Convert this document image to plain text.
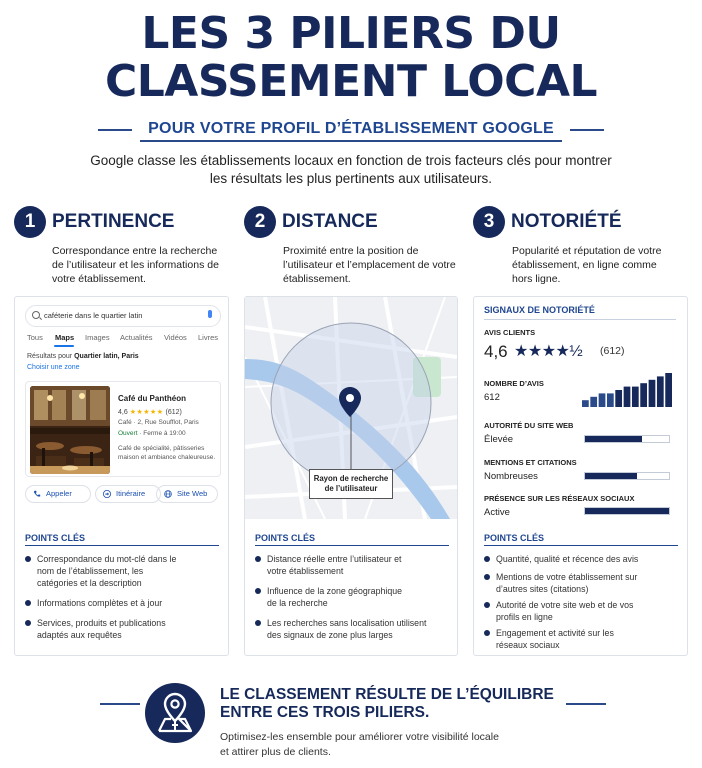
LES 3 PILIERS DU
CLASSEMENT LOCAL
POUR VOTRE PROFIL D’ÉTABLISSEMENT GOOGLE
Google classe les établissements locaux en fonction de trois facteurs clés pour montrer les résultats les plus pertinents aux utilisateurs.
1 PERTINENCE
Correspondance entre la recherche de l’utilisateur et les informations de votre établissement.
2 DISTANCE
Proximité entre la position de l’utilisateur et l’emplacement de votre établissement.
3 NOTORIÉTÉ
Popularité et réputation de votre établissement, en ligne comme hors ligne.
caféterie dans le quartier latin
Tous Maps Images Actualités Vidéos Livres
Résultats pour Quartier latin, Paris
Choisir une zone
Café du Panthéon
4,6 ★★★★★ (612)
Café · 2, Rue Soufflot, Paris
Ouvert · Ferme à 19:00
Café de spécialité, pâtisseries maison et ambiance chaleureuse.
Appeler	Itinéraire	Site Web
POINTS CLÉS
Correspondance du mot-clé dans le nom de l’établissement, les catégories et la description
Informations complètes et à jour
Services, produits et publications adaptés aux requêtes
Rayon de recherche de l’utilisateur
POINTS CLÉS
Distance réelle entre l’utilisateur et votre établissement
Influence de la zone géographique de la recherche
Les recherches sans localisation utilisent des signaux de zone plus larges
SIGNAUX DE NOTORIÉTÉ
AVIS CLIENTS
4,6 ★★★★½ (612)
NOMBRE D’AVIS
612
AUTORITÉ DU SITE WEB
Élevée
MENTIONS ET CITATIONS
Nombreuses
PRÉSENCE SUR LES RÉSEAUX SOCIAUX
Active
POINTS CLÉS
Quantité, qualité et récence des avis
Mentions de votre établissement sur d’autres sites (citations)
Autorité de votre site web et de vos profils en ligne
Engagement et activité sur les réseaux sociaux
LE CLASSEMENT RÉSULTE DE L’ÉQUILIBRE
ENTRE CES TROIS PILIERS.
Optimisez-les ensemble pour améliorer votre visibilité locale
et attirer plus de clients.
